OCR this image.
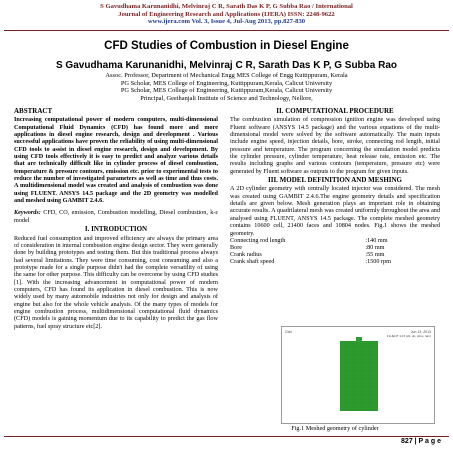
S Gavudhama Karunanidhi, Melvinraj C R, Sarath Das K P, G Subba Rao / International
Journal of Engineering Research and Applications (IJERA) ISSN: 2248-9622
www.ijera.com Vol. 3, Issue 4, Jul-Aug 2013, pp.827-830
CFD Studies of Combustion in Diesel Engine
S Gavudhama Karunanidhi, Melvinraj C R, Sarath Das K P, G Subba Rao
Assoc. Professor, Department of Mechanical Engg MES College of Engg Kuttippuram, Kerala
PG Scholar, MES College of Engineering, Kuttippuram,Kerala, Calicut University
PG Scholar, MES College of Engineering, Kuttippuram,Kerala, Calicut University
Principal, Geethanjali Institute of Science and Technology, Nellore,
ABSTRACT

Increasing computational power of modern computers, multi-dimensional Computational Fluid Dynamics (CFD) has found more and more applications in diesel engine research, design and development . Various successful applications have proven the reliability of using multi-dimensional CFD tools to assist in diesel engine research, design and development. By using CFD tools effectively it is easy to predict and analyze various details that are technically difficult like in cylinder process of diesel combustion, temperature & pressure contours, emission etc. prior to experimental tests to reduce the number of investigated parameters as well as time and thus costs. A multidimensional model was created and analysis of combustion was done using FLUENT. ANSYS 14.5 package and the 2D geometry was modelled and meshed using GAMBIT 2.4.6.

Keywords: CFD, CO, emission, Combustion modelling, Diesel combustion, k-ε model

I. INTRODUCTION

Reduced fuel consumption and improved efficiency are always the primary area of consideration in internal combustion engine design sector. They were generally done by building prototypes and testing them. But this traditional process always had several limitations. They were time consuming, cost consuming and also a prototype made for a single purpose didn't had the complete versatility of using the same for other purpose. This difficulty can be overcome by using CFD studies [1]. With the increasing advancement in computational power of modern computers, CFD has found its application in diesel combustion. This is now widely used by many automobile industries not only for design and analysis of engine but also for the whole vehicle analysis. Of the many types of models for engine combustion process, multidimensional computational fluid dynamics (CFD) models is gaining momentum due to its capability to predict the gas flow patterns, fuel spray structure etc[2].

II. COMPUTATIONAL PROCEDURE

The combustion simulation of compression ignition engine was developed using Fluent software (ANSYS 14.5 package) and the various equations of the multi-dimensional model were solved by the software automatically. The main inputs include engine speed, injection details, bore, stroke, connecting rod length, initial pressure and temperature. The program concerning the simulation model predicts the cylinder pressure, cylinder temperature, heat release rate, emission etc. The results including graphs and various contours (temperature, pressure etc) were generated by Fluent software as outputs to the program for given inputs.

III. MODEL DEFINITION AND MESHING

A 2D cylinder geometry with centrally located injector was considered. The mesh was created using GAMBIT 2.4.6.The engine geometry details and specification details are given below. Mesh generation plays an important role in obtaining accurate results. A quadrilateral mesh was created uniformly throughout the area and analysed using FLUENT, ANSYS 14.5 package. The complete meshed geometry contains 10600 cell, 21400 faces and 10804 nodes. Fig.1 shows the meshed geometry.

Connecting rod length	:140 mm
Bore	:80 mm
Crank radius	:55 mm
Crank shaft speed	:1500 rpm
Grid	Jun 13, 2013
FLUENT 14.5 (2d, dp, pbns, lam)
Fig.1 Meshed geometry of cylinder
827 | P a g e
